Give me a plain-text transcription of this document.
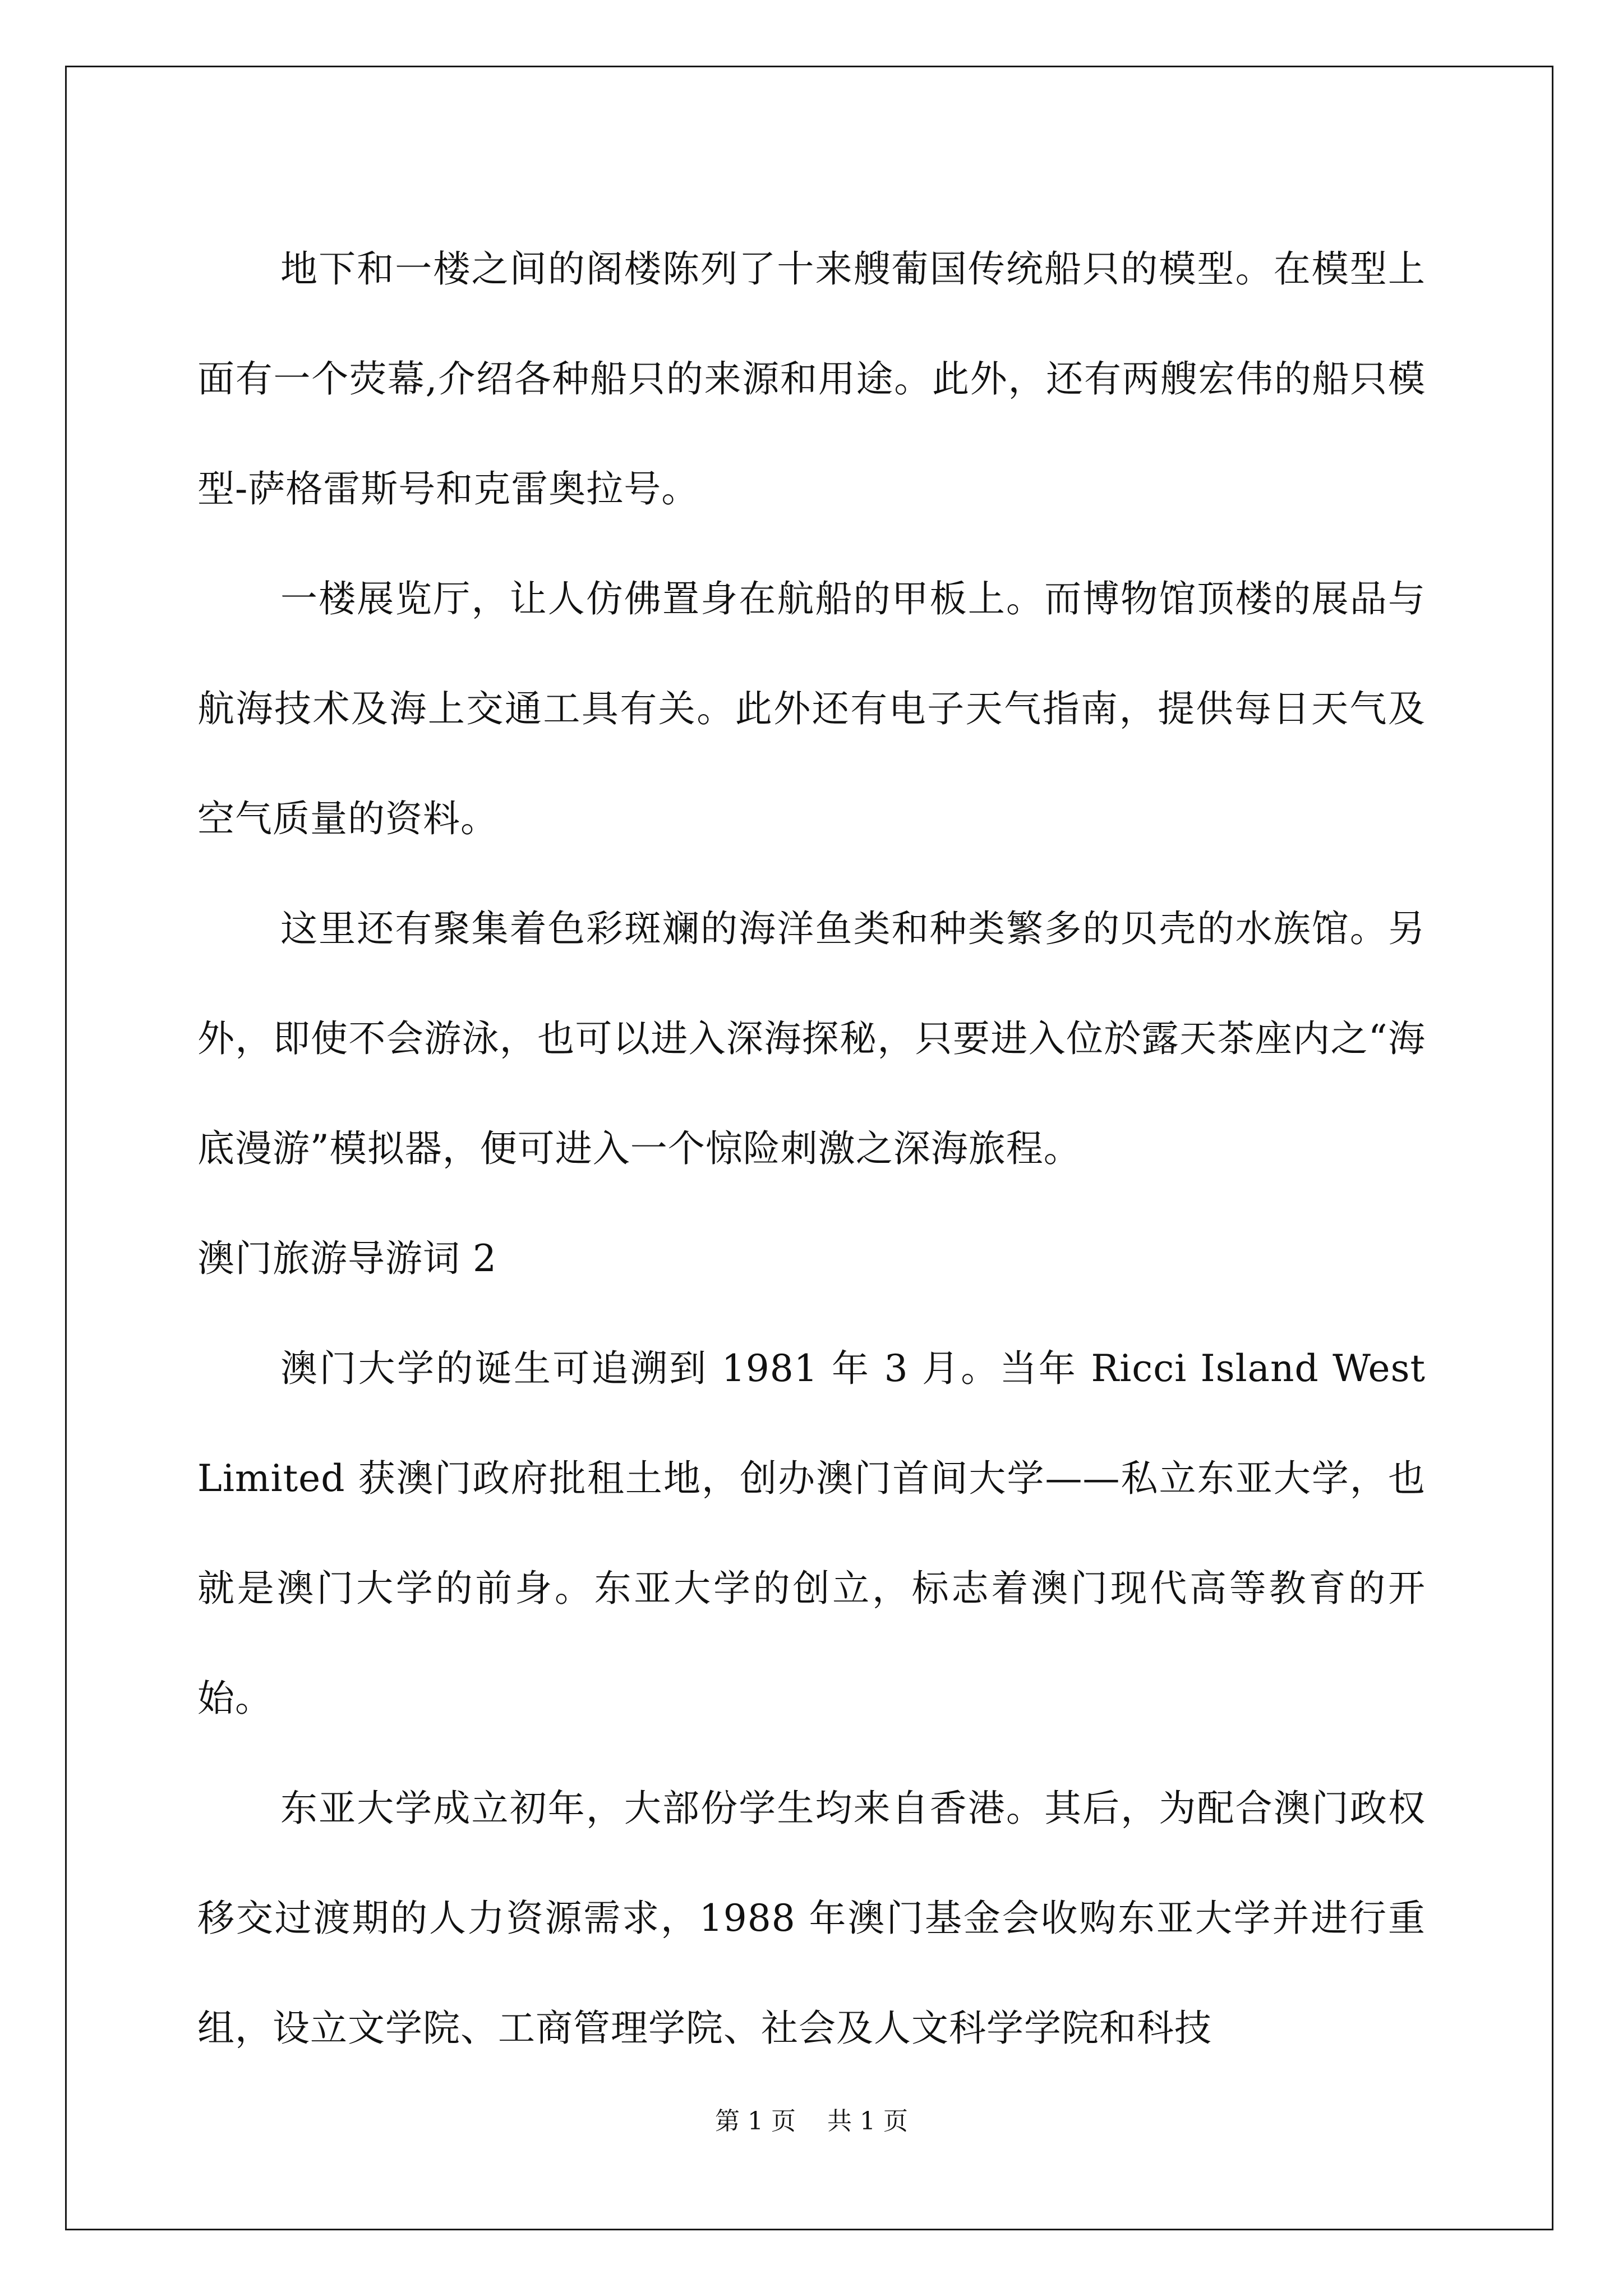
地下和一楼之间的阁楼陈列了十来艘葡国传统船只的模型。在模型上面有一个荧幕,介绍各种船只的来源和用途。此外，还有两艘宏伟的船只模型-萨格雷斯号和克雷奥拉号。

一楼展览厅，让人仿佛置身在航船的甲板上。而博物馆顶楼的展品与航海技术及海上交通工具有关。此外还有电子天气指南，提供每日天气及空气质量的资料。

这里还有聚集着色彩斑斓的海洋鱼类和种类繁多的贝壳的水族馆。另外，即使不会游泳，也可以进入深海探秘，只要进入位於露天茶座内之“海底漫游”模拟器，便可进入一个惊险刺激之深海旅程。

澳门旅游导游词 2

澳门大学的诞生可追溯到 1981 年 3 月。当年 Ricci Island West Limited 获澳门政府批租土地，创办澳门首间大学——私立东亚大学，也就是澳门大学的前身。东亚大学的创立，标志着澳门现代高等教育的开始。

东亚大学成立初年，大部份学生均来自香港。其后，为配合澳门政权移交过渡期的人力资源需求，1988 年澳门基金会收购东亚大学并进行重组，设立文学院、工商管理学院、社会及人文科学学院和科技

第 1 页 共 1 页
